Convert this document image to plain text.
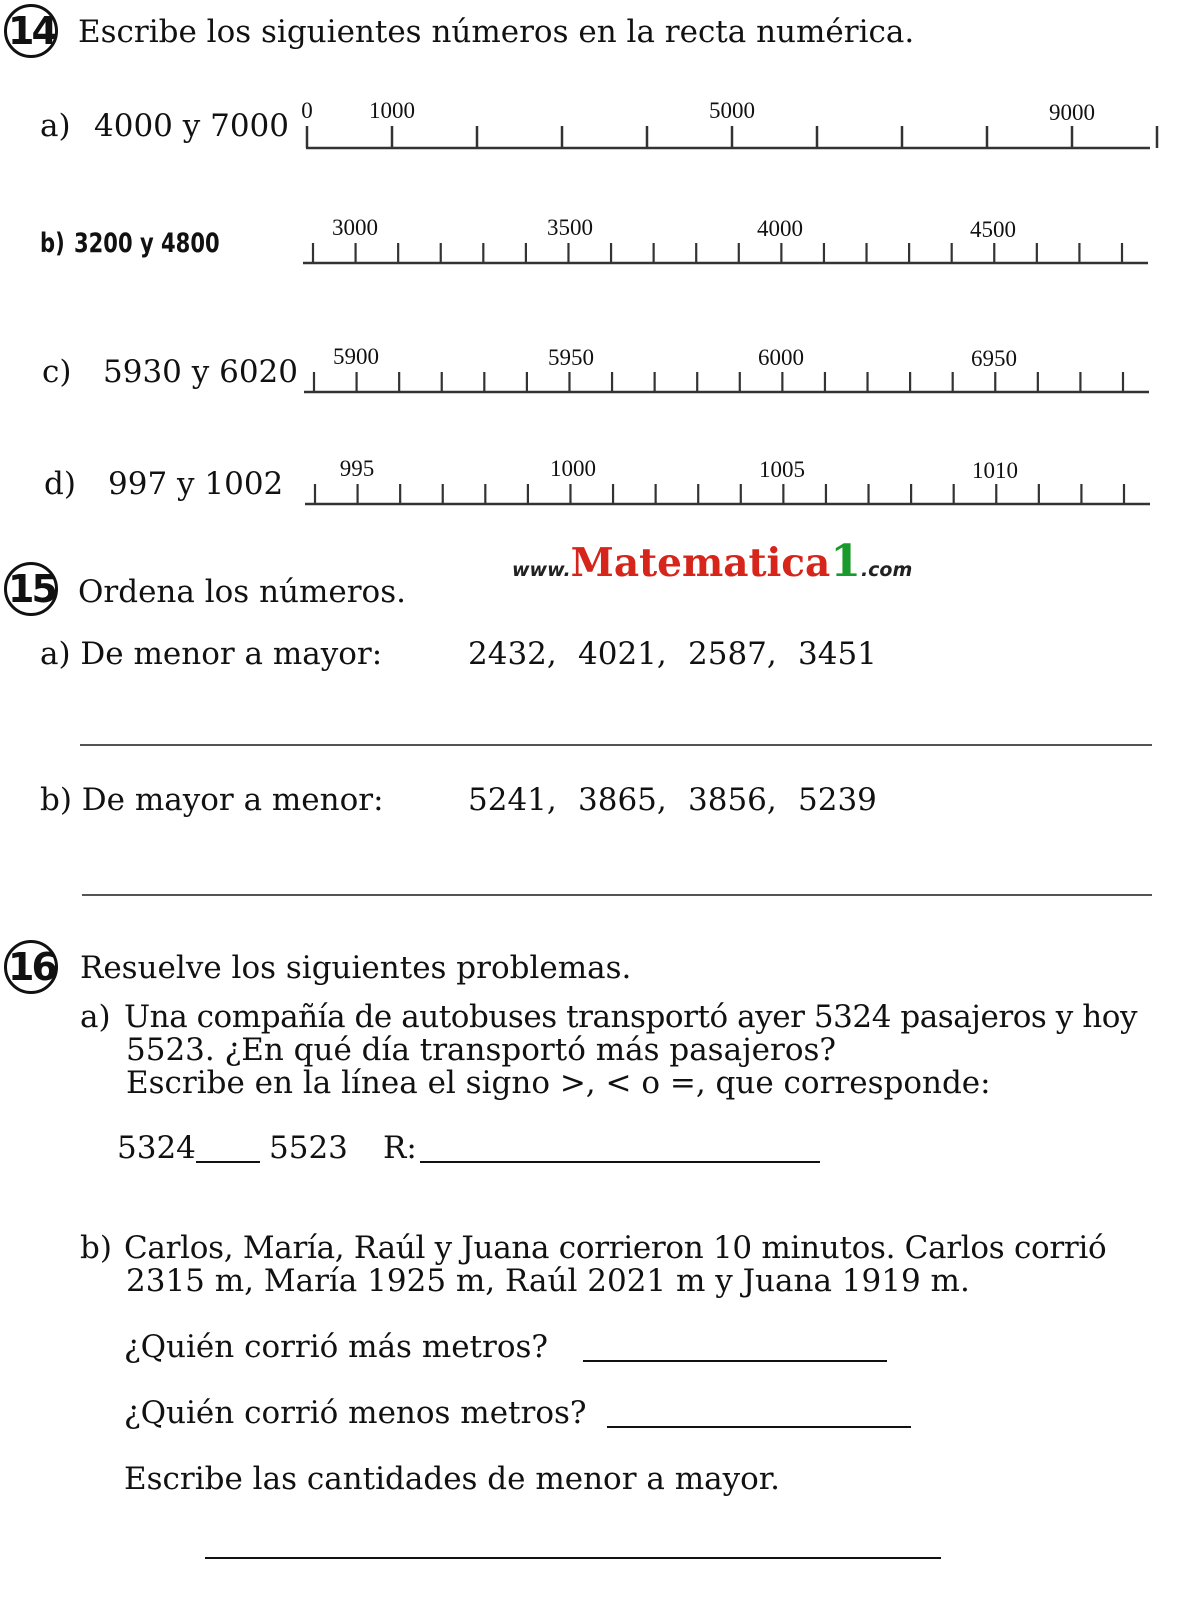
14 Escribe los siguientes números en la recta numérica.
a) 4000 y 7000 0 1000	5000	9000
b) 3200 y 4800
3000	3500	4000	4500
c) 5930 y 6020 5900	5950	6000	6950
d) 997 y 1002 995	1000	1005	1010
www.Matematica1.com
15 Ordena los números.
a) De menor a mayor:	2432, 4021, 2587, 3451
b) De mayor a menor:	5241, 3865, 3856, 5239
16 Resuelve los siguientes problemas.
a) Una compañía de autobuses transportó ayer 5324 pasajeros y hoy
5523. ¿En qué día transportó más pasajeros?
Escribe en la línea el signo >, < o =, que corresponde:
5324 5523 R:
b) Carlos, María, Raúl y Juana corrieron 10 minutos. Carlos corrió
2315 m, María 1925 m, Raúl 2021 m y Juana 1919 m.
¿Quién corrió más metros?
¿Quién corrió menos metros?
Escribe las cantidades de menor a mayor.
